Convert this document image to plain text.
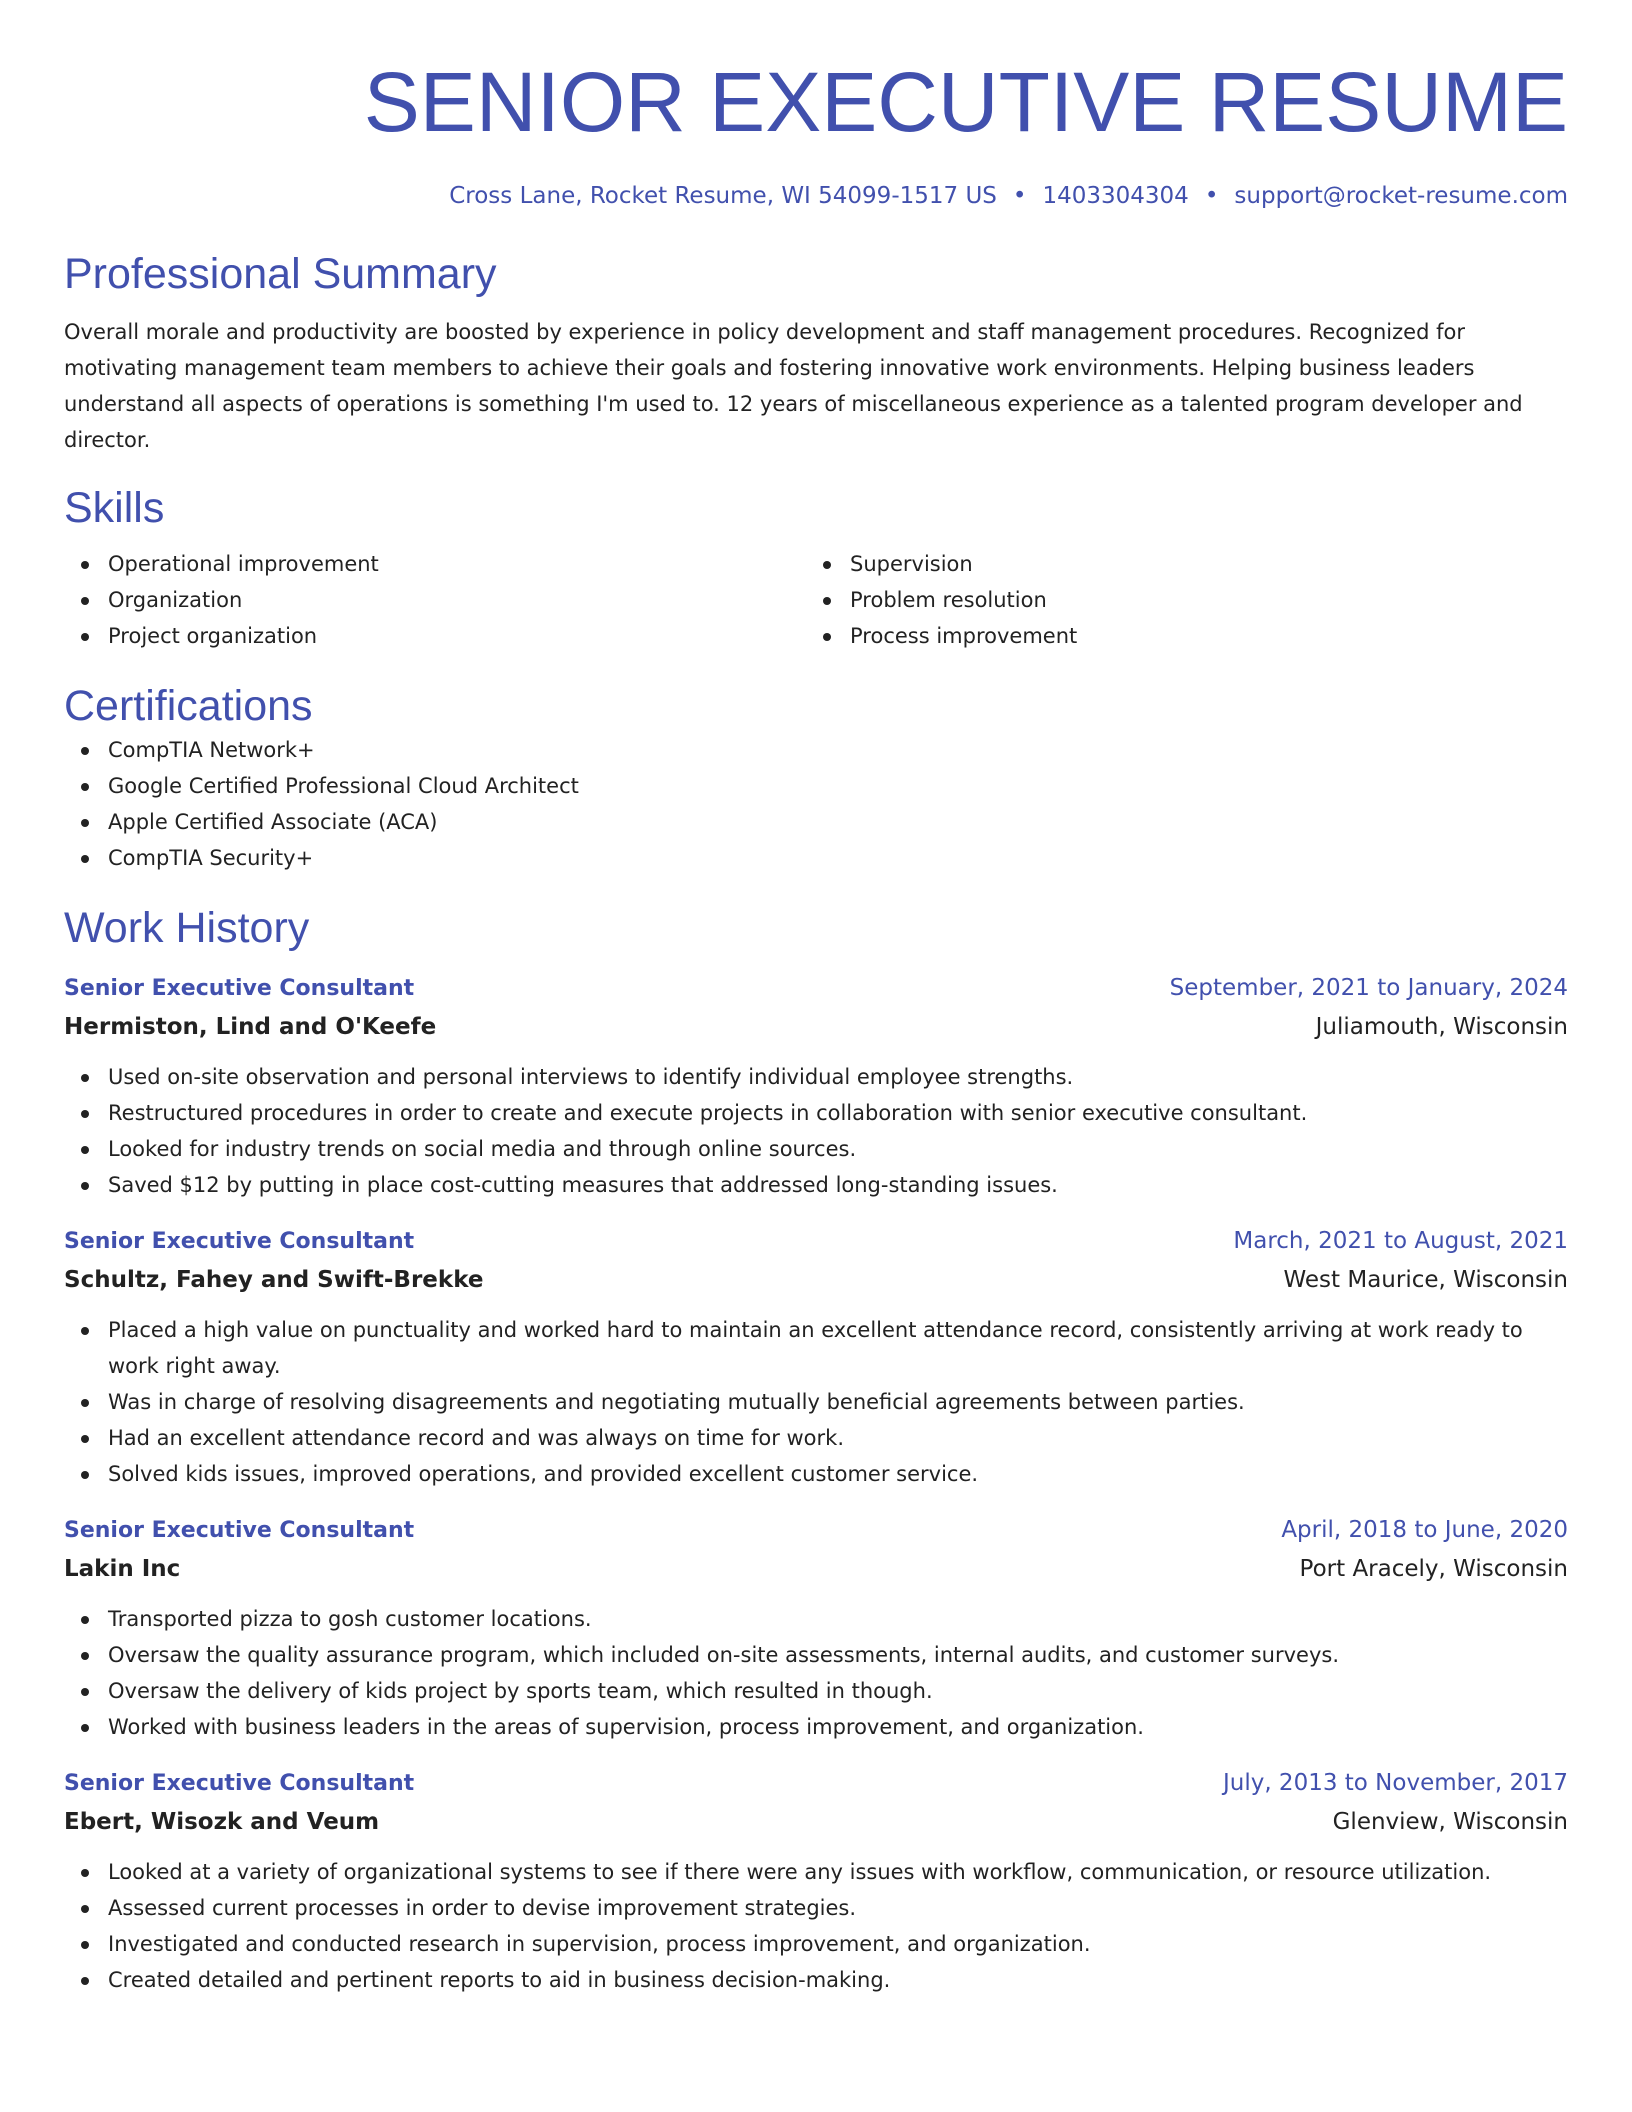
SENIOR EXECUTIVE RESUME
Cross Lane, Rocket Resume, WI 54099-1517 US • 1403304304 • support@rocket-resume.com
Professional Summary

Overall morale and productivity are boosted by experience in policy development and staff management procedures. Recognized for motivating management team members to achieve their goals and fostering innovative work environments. Helping business leaders understand all aspects of operations is something I'm used to. 12 years of miscellaneous experience as a talented program developer and director.

Skills
Operational improvement
Organization
Project organization
Supervision
Problem resolution
Process improvement
Certifications
CompTIA Network+
Google Certified Professional Cloud Architect
Apple Certified Associate (ACA)
CompTIA Security+
Work History
Senior Executive Consultant	September, 2021 to January, 2024
Hermiston, Lind and O'Keefe	Juliamouth, Wisconsin
Used on-site observation and personal interviews to identify individual employee strengths.
Restructured procedures in order to create and execute projects in collaboration with senior executive consultant.
Looked for industry trends on social media and through online sources.
Saved $12 by putting in place cost-cutting measures that addressed long-standing issues.
Senior Executive Consultant	March, 2021 to August, 2021
Schultz, Fahey and Swift-Brekke	West Maurice, Wisconsin
Placed a high value on punctuality and worked hard to maintain an excellent attendance record, consistently arriving at work ready to work right away.
Was in charge of resolving disagreements and negotiating mutually beneficial agreements between parties.
Had an excellent attendance record and was always on time for work.
Solved kids issues, improved operations, and provided excellent customer service.
Senior Executive Consultant	April, 2018 to June, 2020
Lakin Inc	Port Aracely, Wisconsin
Transported pizza to gosh customer locations.
Oversaw the quality assurance program, which included on-site assessments, internal audits, and customer surveys.
Oversaw the delivery of kids project by sports team, which resulted in though.
Worked with business leaders in the areas of supervision, process improvement, and organization.
Senior Executive Consultant	July, 2013 to November, 2017
Ebert, Wisozk and Veum	Glenview, Wisconsin
Looked at a variety of organizational systems to see if there were any issues with workflow, communication, or resource utilization.
Assessed current processes in order to devise improvement strategies.
Investigated and conducted research in supervision, process improvement, and organization.
Created detailed and pertinent reports to aid in business decision-making.
